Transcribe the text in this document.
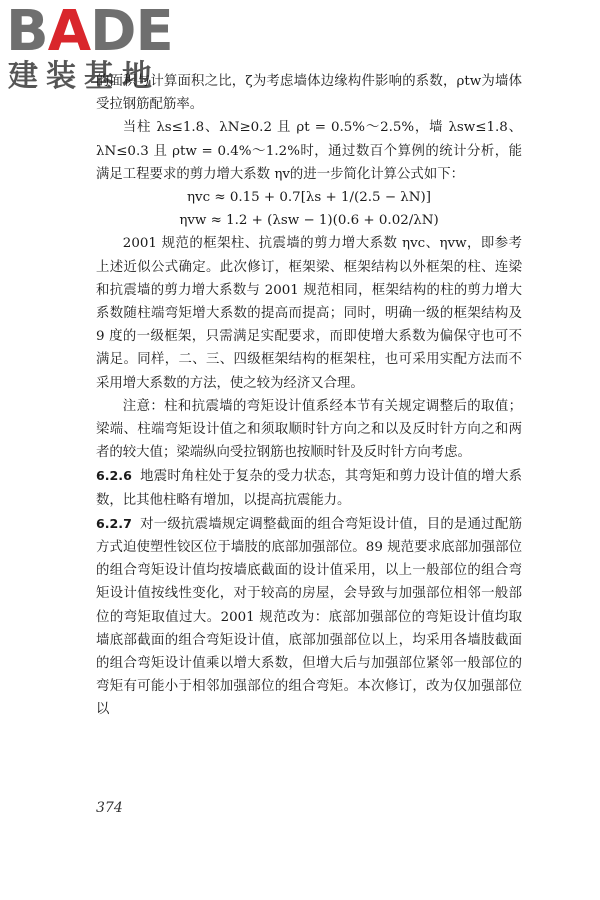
BADE
建装基地

的面积与计算面积之比，ζ为考虑墙体边缘构件影响的系数，ρtw为墙体受拉钢筋配筋率。

当柱 λs≤1.8、λN≥0.2 且 ρt = 0.5%～2.5%，墙 λsw≤1.8、λN≤0.3 且 ρtw = 0.4%～1.2%时，通过数百个算例的统计分析，能满足工程要求的剪力增大系数 ηv的进一步简化计算公式如下：

ηvc ≈ 0.15 + 0.7[λs + 1/(2.5 − λN)]

ηvw ≈ 1.2 + (λsw − 1)(0.6 + 0.02/λN)

2001 规范的框架柱、抗震墙的剪力增大系数 ηvc、ηvw，即参考上述近似公式确定。此次修订，框架梁、框架结构以外框架的柱、连梁和抗震墙的剪力增大系数与 2001 规范相同，框架结构的柱的剪力增大系数随柱端弯矩增大系数的提高而提高；同时，明确一级的框架结构及 9 度的一级框架，只需满足实配要求，而即使增大系数为偏保守也可不满足。同样，二、三、四级框架结构的框架柱，也可采用实配方法而不采用增大系数的方法，使之较为经济又合理。

注意：柱和抗震墙的弯矩设计值系经本节有关规定调整后的取值；梁端、柱端弯矩设计值之和须取顺时针方向之和以及反时针方向之和两者的较大值；梁端纵向受拉钢筋也按顺时针及反时针方向考虑。

6.2.6 地震时角柱处于复杂的受力状态，其弯矩和剪力设计值的增大系数，比其他柱略有增加，以提高抗震能力。

6.2.7 对一级抗震墙规定调整截面的组合弯矩设计值，目的是通过配筋方式迫使塑性铰区位于墙肢的底部加强部位。89 规范要求底部加强部位的组合弯矩设计值均按墙底截面的设计值采用，以上一般部位的组合弯矩设计值按线性变化，对于较高的房屋，会导致与加强部位相邻一般部位的弯矩取值过大。2001 规范改为：底部加强部位的弯矩设计值均取墙底部截面的组合弯矩设计值，底部加强部位以上，均采用各墙肢截面的组合弯矩设计值乘以增大系数，但增大后与加强部位紧邻一般部位的弯矩有可能小于相邻加强部位的组合弯矩。本次修订，改为仅加强部位以

374
